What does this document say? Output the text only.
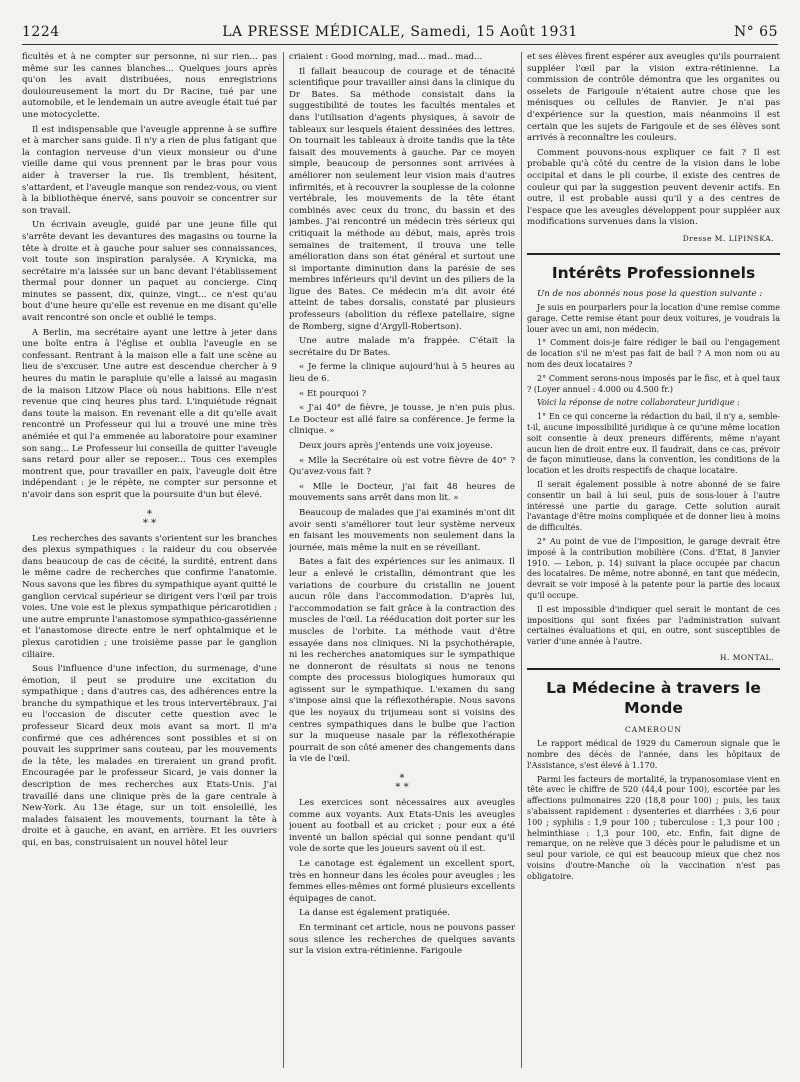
1224	LA PRESSE MÉDICALE, Samedi, 15 Août 1931	N° 65

ficultés et à ne compter sur personne, ni sur rien... pas même sur les cannes blanches... Quelques jours après qu'on les avait distribuées, nous enregistrions douloureusement la mort du Dr Racine, tué par une automobile, et le lendemain un autre aveugle était tué par une motocyclette.

Il est indispensable que l'aveugle apprenne à se suffire et à marcher sans guide. Il n'y a rien de plus fatigant que la contagion nerveuse d'un vieux monsieur ou d'une vieille dame qui vous prennent par le bras pour vous aider à traverser la rue. Ils tremblent, hésitent, s'attardent, et l'aveugle manque son rendez-vous, ou vient à la bibliothèque énervé, sans pouvoir se concentrer sur son travail.

Un écrivain aveugle, guidé par une jeune fille qui s'arrête devant les devantures des magasins ou tourne la tête à droite et à gauche pour saluer ses connaissances, voit toute son inspiration paralysée. A Krynicka, ma secrétaire m'a laissée sur un banc devant l'établissement thermal pour donner un paquet au concierge. Cinq minutes se passent, dix, quinze, vingt... ce n'est qu'au bout d'une heure qu'elle est revenue en me disant qu'elle avait rencontré son oncle et oublié le temps.

A Berlin, ma secrétaire ayant une lettre à jeter dans une boîte entra à l'église et oublia l'aveugle en se confessant. Rentrant à la maison elle a fait une scène au lieu de s'excuser. Une autre est descendue chercher à 9 heures du matin le parapluie qu'elle a laissé au magasin de la maison Litzow Place où nous habitions. Elle n'est revenue que cinq heures plus tard. L'inquiétude régnait dans toute la maison. En revenant elle a dit qu'elle avait rencontré un Professeur qui lui a trouvé une mine très anémiée et qui l'a emmenée au laboratoire pour examiner son sang... Le Professeur lui conseilla de quitter l'aveugle sans retard pour aller se reposer... Tous ces exemples montrent que, pour travailler en paix, l'aveugle doit être indépendant : je le répète, ne compter sur personne et n'avoir dans son esprit que la poursuite d'un but élevé.

*
* *

Les recherches des savants s'orientent sur les branches des plexus sympathiques : la raideur du cou observée dans beaucoup de cas de cécité, la surdité, entrent dans le même cadre de recherches que confirme l'anatomie. Nous savons que les fibres du sympathique ayant quitté le ganglion cervical supérieur se dirigent vers l'œil par trois voies. Une voie est le plexus sympathique péricarotidien ; une autre emprunte l'anastomose sympathico-gassérienne et l'anastomose directe entre le nerf ophtalmique et le plexus carotidien ; une troisième passe par le ganglion ciliaire.

Sous l'influence d'une infection, du surmenage, d'une émotion, il peut se produire une excitation du sympathique ; dans d'autres cas, des adhérences entre la branche du sympathique et les trous intervertébraux. J'ai eu l'occasion de discuter cette question avec le professeur Sicard deux mois avant sa mort. Il m'a confirmé que ces adhérences sont possibles et si on pouvait les supprimer sans couteau, par les mouvements de la tête, les malades en tireraient un grand profit. Encouragée par le professeur Sicard, je vais donner la description de mes recherches aux Etats-Unis. J'ai travaillé dans une clinique près de la gare centrale à New-York. Au 13e étage, sur un toit ensoleillé, les malades faisaient les mouvements, tournant la tête à droite et à gauche, en avant, en arrière. Et les ouvriers qui, en bas, construisaient un nouvel hôtel leur

criaient : Good morning, mad... mad.. mad...

Il fallait beaucoup de courage et de ténacité scientifique pour travailler ainsi dans la clinique du Dr Bates. Sa méthode consistait dans la suggestibilité de toutes les facultés mentales et dans l'utilisation d'agents physiques, à savoir de tableaux sur lesquels étaient dessinées des lettres. On tournait les tableaux à droite tandis que la tête faisait des mouvements à gauche. Par ce moyen simple, beaucoup de personnes sont arrivées à améliorer non seulement leur vision mais d'autres infirmités, et à recouvrer la souplesse de la colonne vertébrale, les mouvements de la tête étant combinés avec ceux du tronc, du bassin et des jambes. J'ai rencontré un médecin très sérieux qui critiquait la méthode au début, mais, après trois semaines de traitement, il trouva une telle amélioration dans son état général et surtout une si importante diminution dans la parésie de ses membres inférieurs qu'il devint un des piliers de la ligue des Bates. Ce médecin m'a dit avoir été atteint de tabes dorsalis, constaté par plusieurs professeurs (abolition du réflexe patellaire, signe de Romberg, signe d'Argyll-Robertson).

Une autre malade m'a frappée. C'était la secrétaire du Dr Bates.

« Je ferme la clinique aujourd'hui à 5 heures au lieu de 6.

« Et pourquoi ?

« J'ai 40° de fièvre, je tousse, je n'en puis plus. Le Docteur est allé faire sa conférence. Je ferme la clinique. »

Deux jours après j'entends une voix joyeuse.

« Mlle la Secrétaire où est votre fièvre de 40° ? Qu'avez-vous fait ?

« Mlle le Docteur, j'ai fait 48 heures de mouvements sans arrêt dans mon lit. »

Beaucoup de malades que j'ai examinés m'ont dit avoir senti s'améliorer tout leur système nerveux en faisant les mouvements non seulement dans la journée, mais même la nuit en se réveillant.

Bates a fait des expériences sur les animaux. Il leur a enlevé le cristallin, démontrant que les variations de courbure du cristallin ne jouent aucun rôle dans l'accommodation. D'après lui, l'accommodation se fait grâce à la contraction des muscles de l'œil. La rééducation doit porter sur les muscles de l'orbite. La méthode vaut d'être essayée dans nos cliniques. Ni la psychothérapie, ni les recherches anatomiques sur le sympathique ne donneront de résultats si nous ne tenons compte des processus biologiques humoraux qui agissent sur le sympathique. L'examen du sang s'impose ainsi que la réflexothérapie. Nous savons que les noyaux du trijumeau sont si voisins des centres sympathiques dans le bulbe que l'action sur la muqueuse nasale par la réflexothérapie pourrait de son côté amener des changements dans la vie de l'œil.

*
* *

Les exercices sont nécessaires aux aveugles comme aux voyants. Aux Etats-Unis les aveugles jouent au football et au cricket ; pour eux a été inventé un ballon spécial qui sonne pendant qu'il vole de sorte que les joueurs savent où il est.

Le canotage est également un excellent sport, très en honneur dans les écoles pour aveugles ; les femmes elles-mêmes ont formé plusieurs excellents équipages de canot.

La danse est également pratiquée.

En terminant cet article, nous ne pouvons passer sous silence les recherches de quelques savants sur la vision extra-rétinienne. Farigoule

et ses élèves firent espérer aux aveugles qu'ils pourraient suppléer l'œil par la vision extra-rétinienne. La commission de contrôle démontra que les organites ou osselets de Farigoule n'étaient autre chose que les ménisques ou cellules de Ranvier. Je n'ai pas d'expérience sur la question, mais néanmoins il est certain que les sujets de Farigoule et de ses élèves sont arrivés à reconnaître les couleurs.

Comment pouvons-nous expliquer ce fait ? Il est probable qu'à côté du centre de la vision dans le lobe occipital et dans le pli courbe, il existe des centres de couleur qui par la suggestion peuvent devenir actifs. En outre, il est probable aussi qu'il y a des centres de l'espace que les aveugles développent pour suppléer aux modifications survenues dans la vision.

Dresse M. LIPINSKA.
Intérêts Professionnels

Un de nos abonnés nous pose la question suivante :

Je suis en pourparlers pour la location d'une remise comme garage. Cette remise étant pour deux voitures, je voudrais la louer avec un ami, non médecin.

1° Comment dois-je faire rédiger le bail ou l'engagement de location s'il ne m'est pas fait de bail ? A mon nom ou au nom des deux locataires ?

2° Comment serons-nous imposés par le fisc, et à quel taux ? (Loyer annuel : 4.000 ou 4.500 fr.)

Voici la réponse de notre collaborateur juridique :

1° En ce qui concerne la rédaction du bail, il n'y a, semble-t-il, aucune impossibilité juridique à ce qu'une même location soit consentie à deux preneurs différents, même n'ayant aucun lien de droit entre eux. Il faudrait, dans ce cas, prévoir de façon minutieuse, dans la convention, les conditions de la location et les droits respectifs de chaque locataire.

Il serait également possible à notre abonné de se faire consentir un bail à lui seul, puis de sous-louer à l'autre intéressé une partie du garage. Cette solution aurait l'avantage d'être moins compliquée et de donner lieu à moins de difficultés.

2° Au point de vue de l'imposition, le garage devrait être imposé à la contribution mobilière (Cons. d'Etat, 8 Janvier 1910. — Lebon, p. 14) suivant la place occupée par chacun des locataires. De même, notre abonné, en tant que médecin, devrait se voir imposé à la patente pour la partie des locaux qu'il occupe.

Il est impossible d'indiquer quel serait le montant de ces impositions qui sont fixées par l'administration suivant certaines évaluations et qui, en outre, sont susceptibles de varier d'une année à l'autre.

H. MONTAL.
La Médecine à travers le Monde
CAMEROUN

Le rapport médical de 1929 du Cameroun signale que le nombre des décès de l'année, dans les hôpitaux de l'Assistance, s'est élevé à 1.170.

Parmi les facteurs de mortalité, la trypanosomiase vient en tête avec le chiffre de 520 (44,4 pour 100), escortée par les affections pulmonaires 220 (18,8 pour 100) ; puis, les taux s'abaissent rapidement : dysenteries et diarrhées : 3,6 pour 100 ; syphilis : 1,9 pour 100 ; tuberculose : 1,3 pour 100 ; helminthiase : 1,3 pour 100, etc. Enfin, fait digne de remarque, on ne relève que 3 décès pour le paludisme et un seul pour variole, ce qui est beaucoup mieux que chez nos voisins d'outre-Manche où la vaccination n'est pas obligatoire.
